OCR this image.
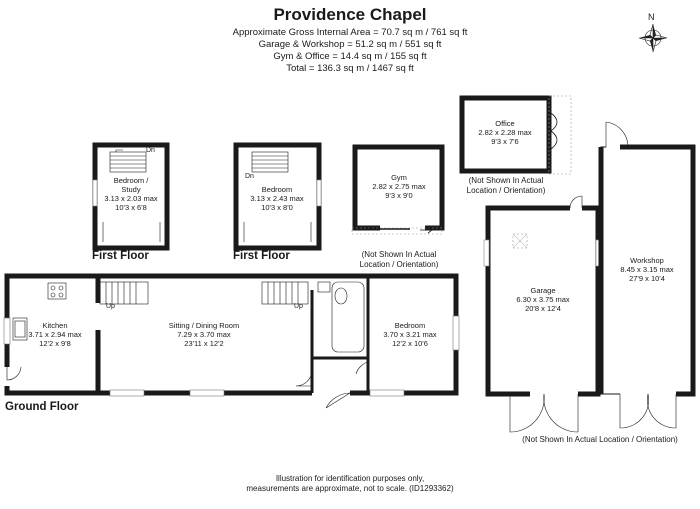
Providence Chapel
Approximate Gross Internal Area = 70.7 sq m / 761 sq ft
Garage & Workshop = 51.2 sq m / 551 sq ft
Gym & Office = 14.4 sq m / 155 sq ft
Total = 136.3 sq m / 1467 sq ft
N
First Floor	First Floor
Ground Floor
Dn
Dn
Up	Up
Bedroom /
Study
3.13 x 2.03 max
10'3 x 6'8
Bedroom
3.13 x 2.43 max
10'3 x 8'0
Gym
2.82 x 2.75 max
9'3 x 9'0
Office
2.82 x 2.28 max
9'3 x 7'6
Kitchen
3.71 x 2.94 max
12'2 x 9'8
Sitting / Dining Room
7.29 x 3.70 max
23'11 x 12'2
Bedroom
3.70 x 3.21 max
12'2 x 10'6
Garage
6.30 x 3.75 max
20'8 x 12'4
Workshop
8.45 x 3.15 max
27'9 x 10'4
(Not Shown In Actual
Location / Orientation)
(Not Shown In Actual
Location / Orientation)
(Not Shown In Actual Location / Orientation)
Illustration for identification purposes only,
measurements are approximate, not to scale. (ID1293362)
